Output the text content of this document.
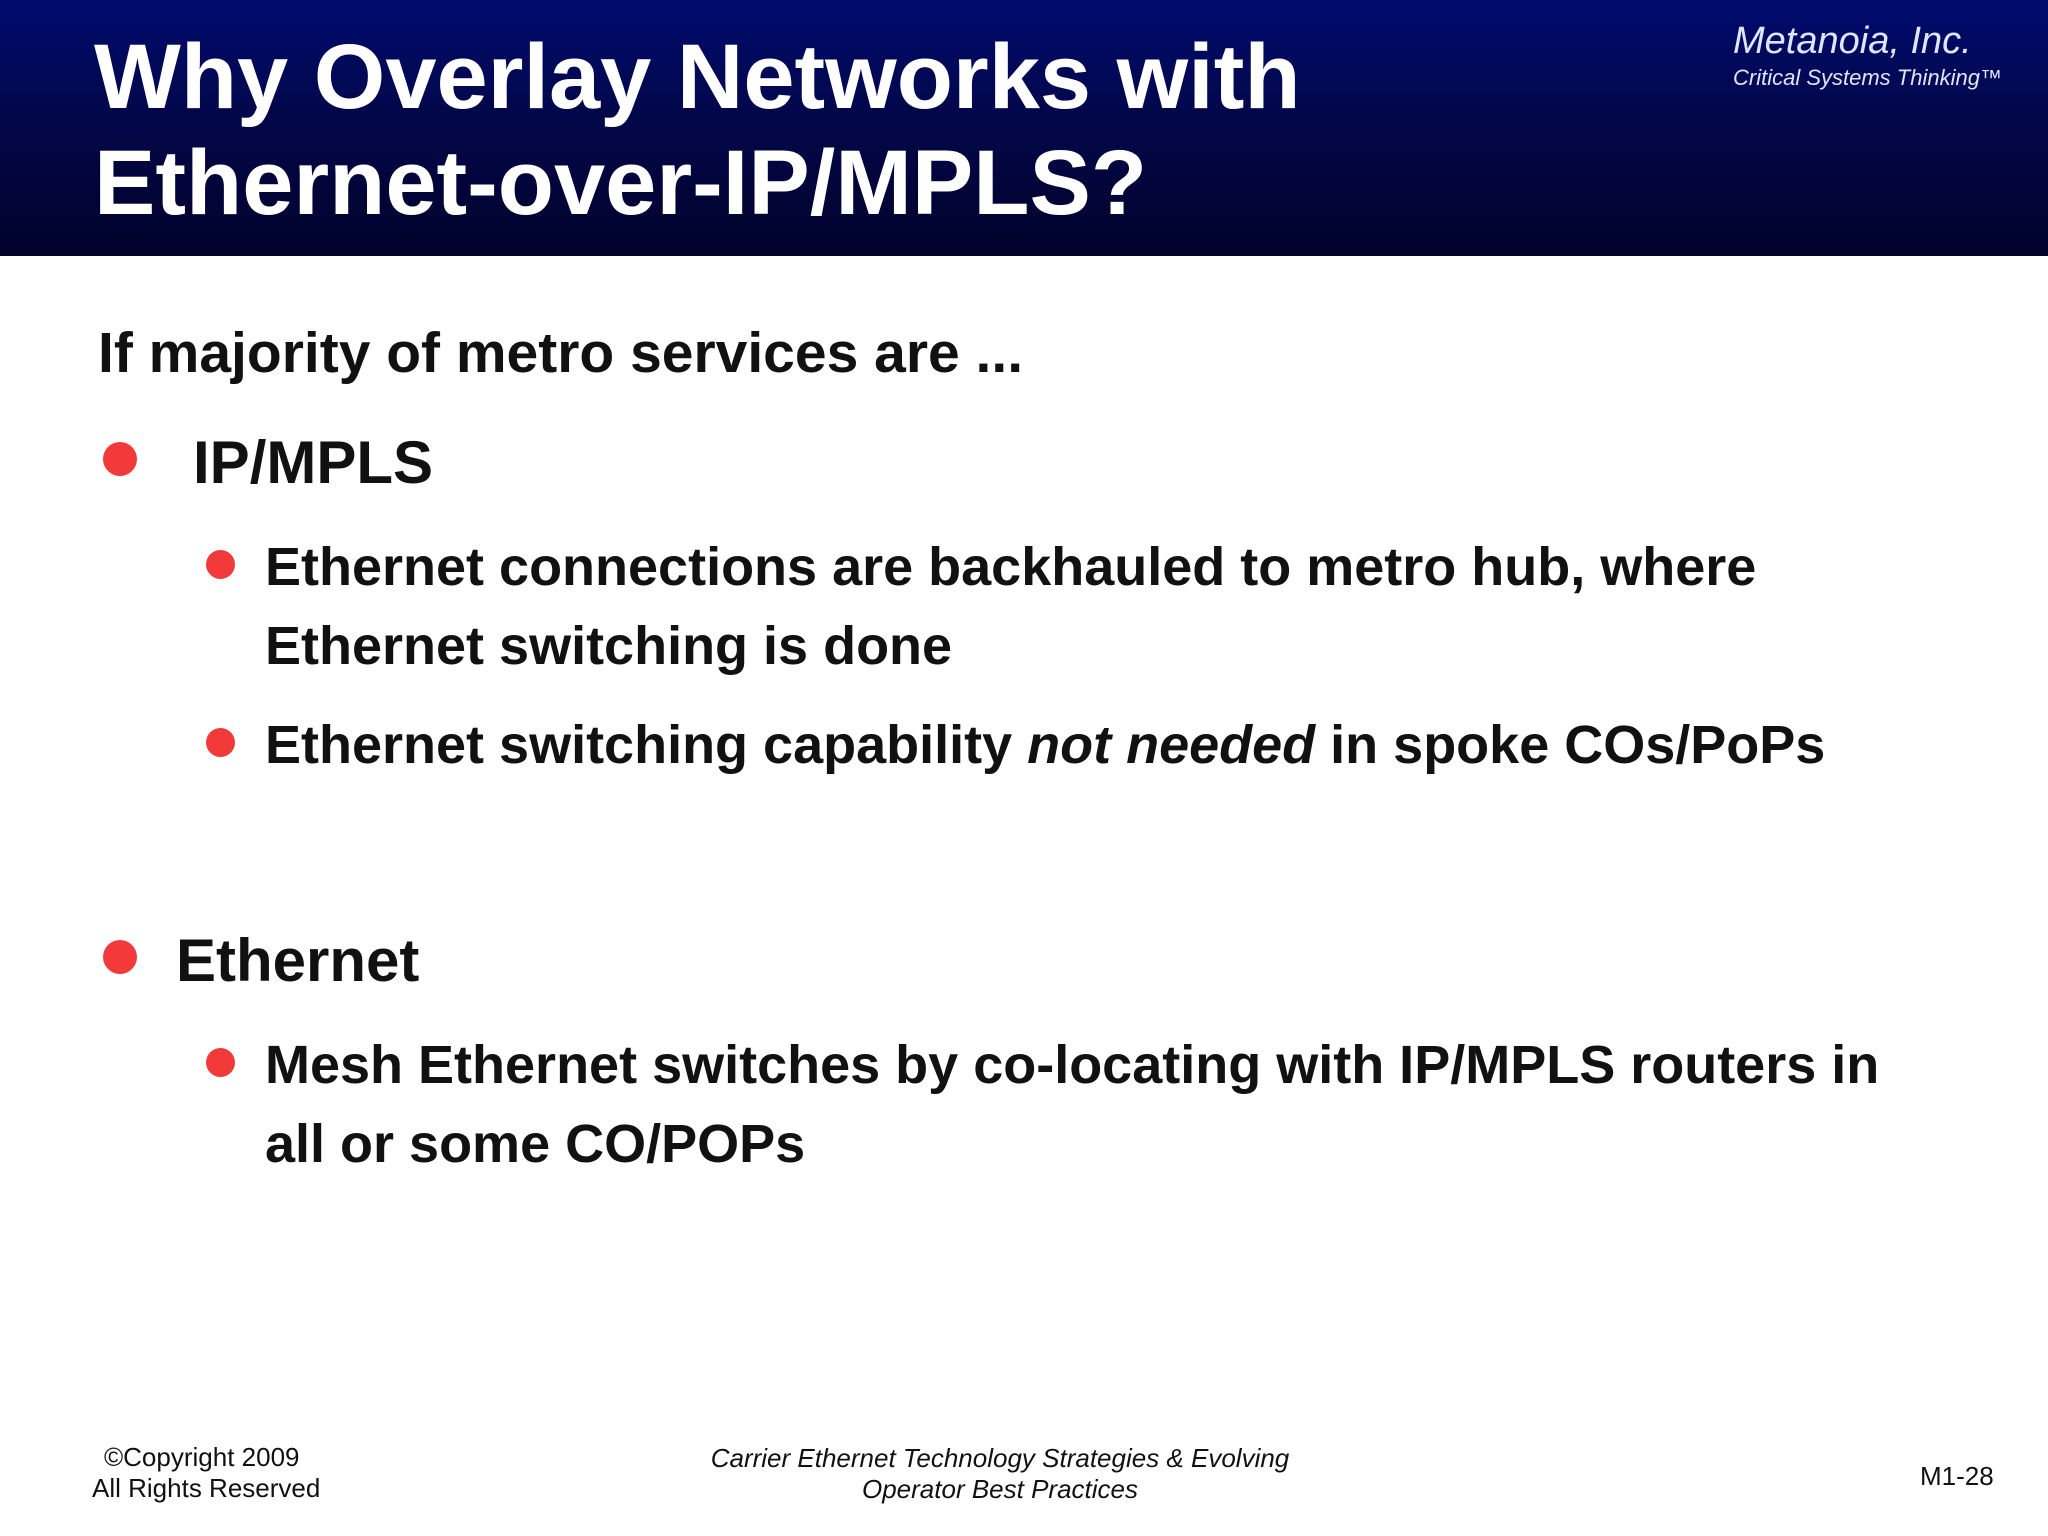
Why Overlay Networks with
Ethernet-over-IP/MPLS?
Metanoia, Inc.
Critical Systems Thinking™

If majority of metro services are ...

IP/MPLS

Ethernet connections are backhauled to metro hub, where
Ethernet switching is done

Ethernet switching capability not needed in spoke COs/PoPs

Ethernet

Mesh Ethernet switches by co-locating with IP/MPLS routers in
all or some CO/POPs

©Copyright 2009
All Rights Reserved
Carrier Ethernet Technology Strategies & Evolving
Operator Best Practices	M1-28
